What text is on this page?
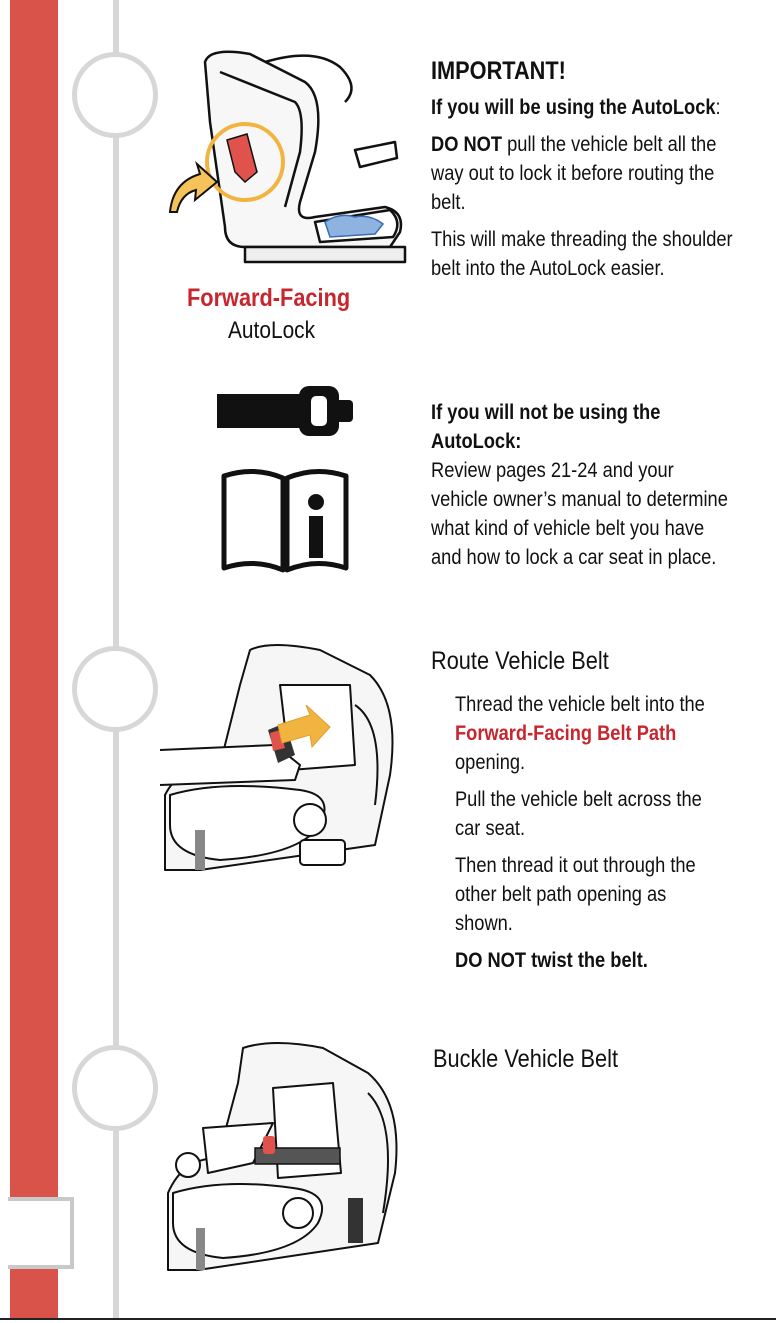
Forward-Facing
AutoLock
IMPORTANT!
If you will be using the AutoLock:
DO NOT pull the vehicle belt all the way out to lock it before routing the belt.
This will make threading the shoulder belt into the AutoLock easier.
If you will not be using the AutoLock:
Review pages 21-24 and your vehicle owner’s manual to determine what kind of vehicle belt you have and how to lock a car seat in place.
Route Vehicle Belt
Thread the vehicle belt into the Forward-Facing Belt Path opening.
Pull the vehicle belt across the car seat.
Then thread it out through the other belt path opening as shown.
DO NOT twist the belt.
Buckle Vehicle Belt
